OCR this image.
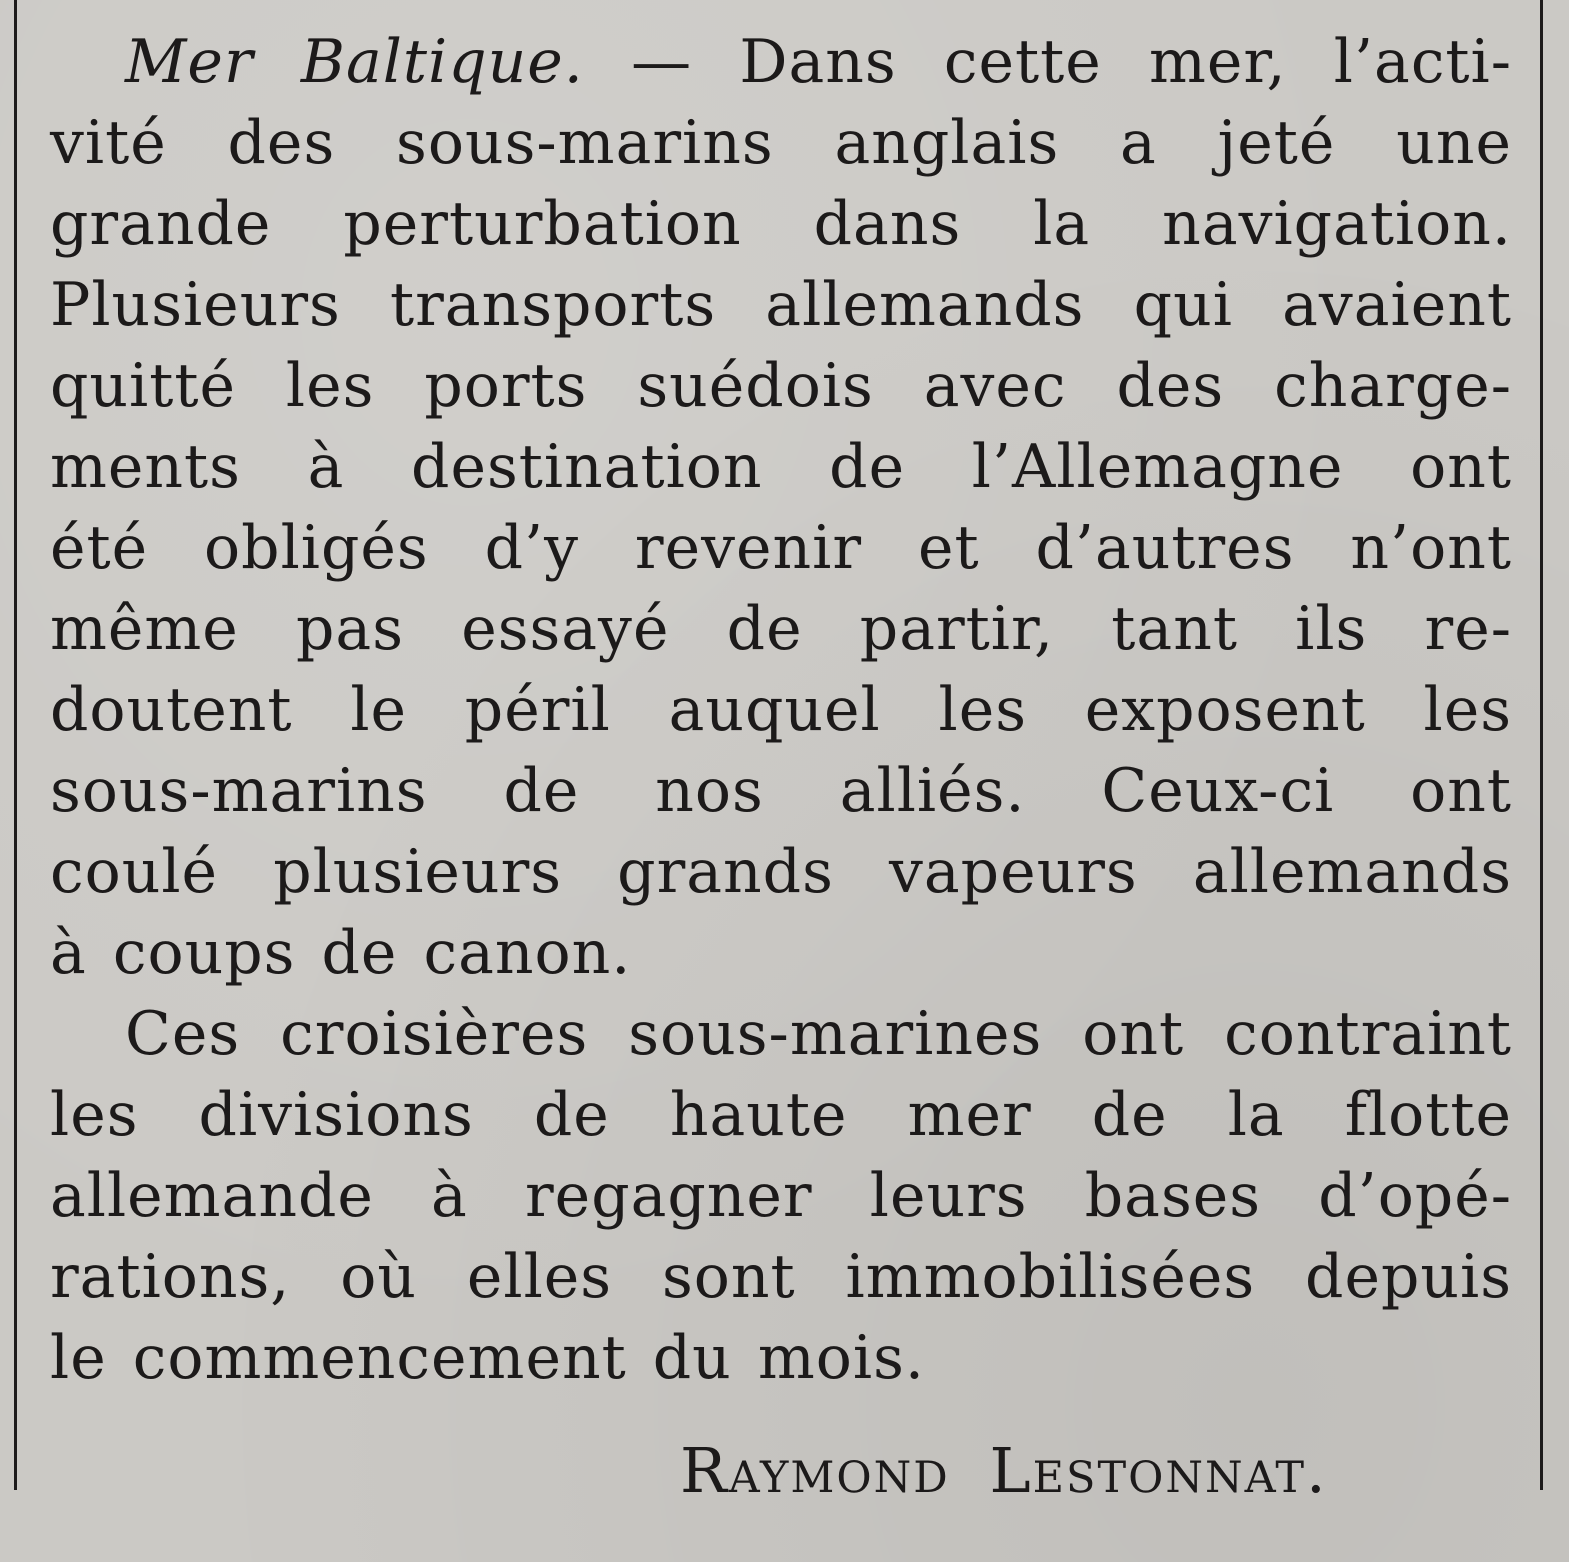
Mer Baltique. — Dans cette mer, l’acti-
vité des sous-marins anglais a jeté une
grande perturbation dans la navigation.
Plusieurs transports allemands qui avaient
quitté les ports suédois avec des charge-
ments à destination de l’Allemagne ont
été obligés d’y revenir et d’autres n’ont
même pas essayé de partir, tant ils re-
doutent le péril auquel les exposent les
sous-marins de nos alliés. Ceux-ci ont
coulé plusieurs grands vapeurs allemands
à coups de canon.
Ces croisières sous-marines ont contraint
les divisions de haute mer de la flotte
allemande à regagner leurs bases d’opé-
rations, où elles sont immobilisées depuis
le commencement du mois.
Raymond Lestonnat.
